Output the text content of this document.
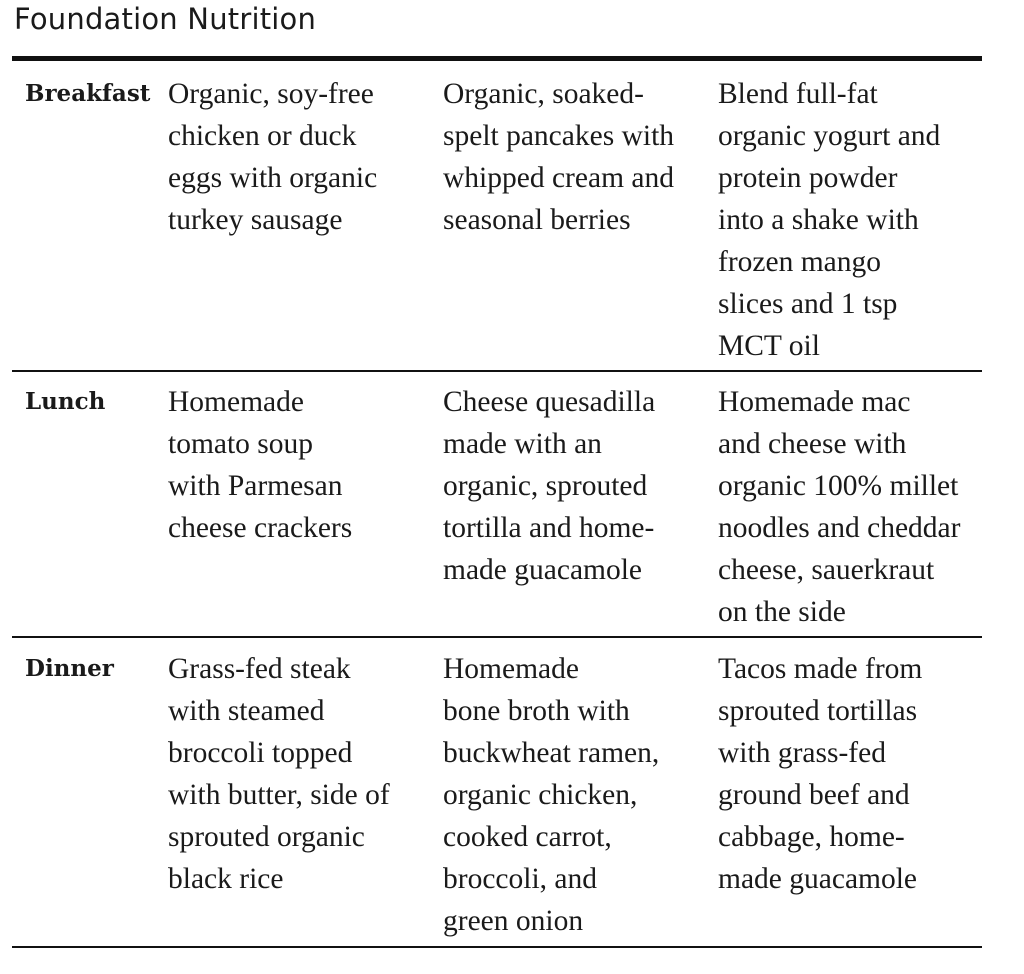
Foundation Nutrition
Breakfast Organic, soy-free
chicken or duck
eggs with organic
turkey sausage
Organic, soaked-
spelt pancakes with
whipped cream and
seasonal berries
Blend full-fat
organic yogurt and
protein powder
into a shake with
frozen mango
slices and 1 tsp
MCT oil
Lunch Homemade
tomato soup
with Parmesan
cheese crackers
Cheese quesadilla
made with an
organic, sprouted
tortilla and home-
made guacamole
Homemade mac
and cheese with
organic 100% millet
noodles and cheddar
cheese, sauerkraut
on the side
Dinner Grass-fed steak
with steamed
broccoli topped
with butter, side of
sprouted organic
black rice
Homemade
bone broth with
buckwheat ramen,
organic chicken,
cooked carrot,
broccoli, and
green onion
Tacos made from
sprouted tortillas
with grass-fed
ground beef and
cabbage, home-
made guacamole
